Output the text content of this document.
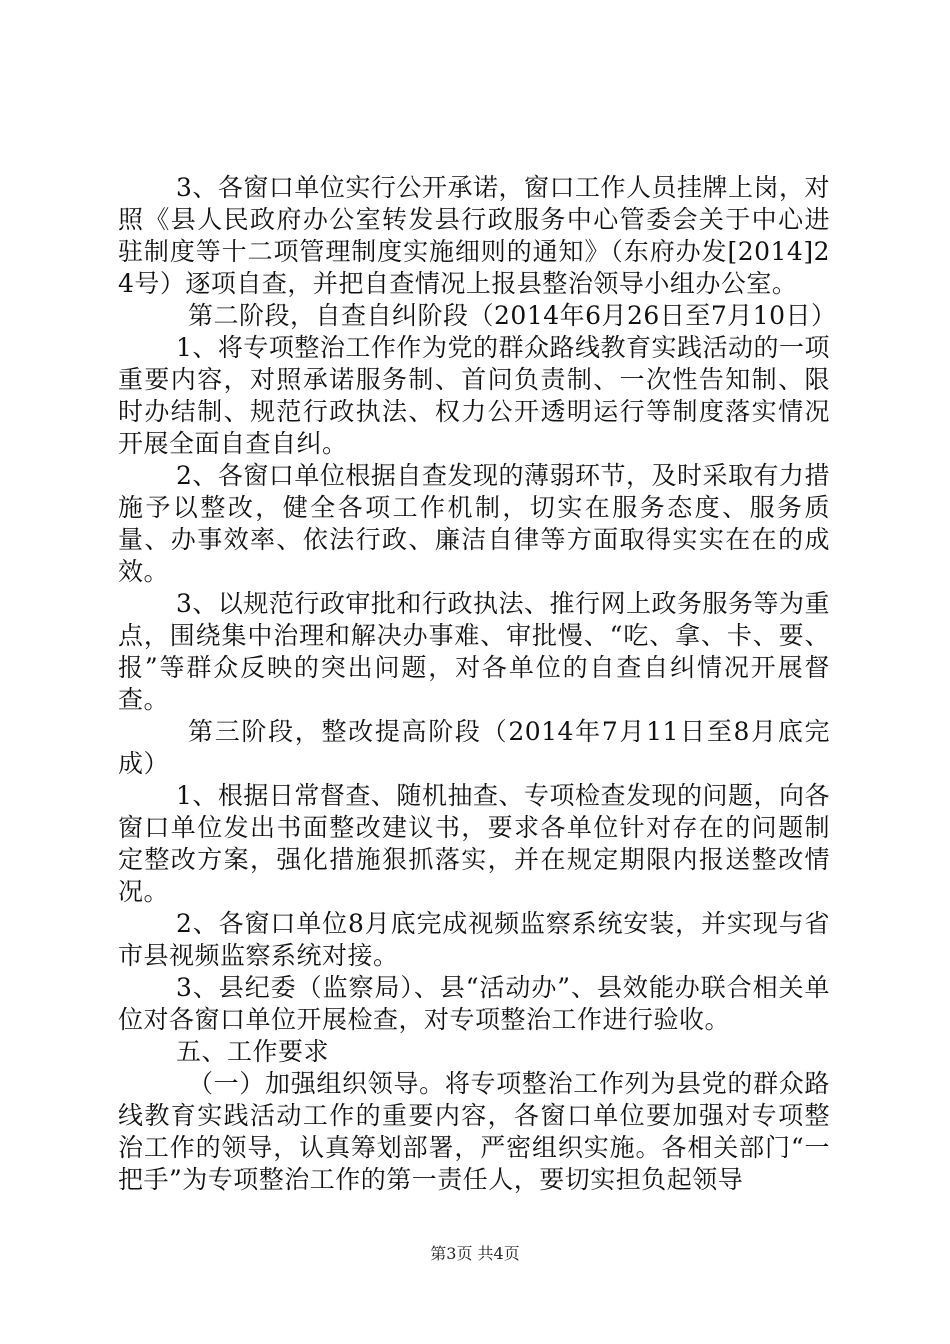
3、各窗口单位实行公开承诺，窗口工作人员挂牌上岗，对照《县人民政府办公室转发县行政服务中心管委会关于中心进驻制度等十二项管理制度实施细则的通知》（东府办发[2014]24号）逐项自查，并把自查情况上报县整治领导小组办公室。

第二阶段，自查自纠阶段（2014年6月26日至7月10日）

1、将专项整治工作作为党的群众路线教育实践活动的一项重要内容，对照承诺服务制、首问负责制、一次性告知制、限时办结制、规范行政执法、权力公开透明运行等制度落实情况开展全面自查自纠。

2、各窗口单位根据自查发现的薄弱环节，及时采取有力措施予以整改，健全各项工作机制，切实在服务态度、服务质量、办事效率、依法行政、廉洁自律等方面取得实实在在的成效。

3、以规范行政审批和行政执法、推行网上政务服务等为重点，围绕集中治理和解决办事难、审批慢、“吃、拿、卡、要、报”等群众反映的突出问题，对各单位的自查自纠情况开展督查。

第三阶段，整改提高阶段（2014年7月11日至8月底完成）

1、根据日常督查、随机抽查、专项检查发现的问题，向各窗口单位发出书面整改建议书，要求各单位针对存在的问题制定整改方案，强化措施狠抓落实，并在规定期限内报送整改情况。

2、各窗口单位8月底完成视频监察系统安装，并实现与省市县视频监察系统对接。

3、县纪委（监察局）、县“活动办”、县效能办联合相关单位对各窗口单位开展检查，对专项整治工作进行验收。

五、工作要求

（一）加强组织领导。将专项整治工作列为县党的群众路线教育实践活动工作的重要内容，各窗口单位要加强对专项整治工作的领导，认真筹划部署，严密组织实施。各相关部门“一把手”为专项整治工作的第一责任人，要切实担负起领导

第3页 共4页
